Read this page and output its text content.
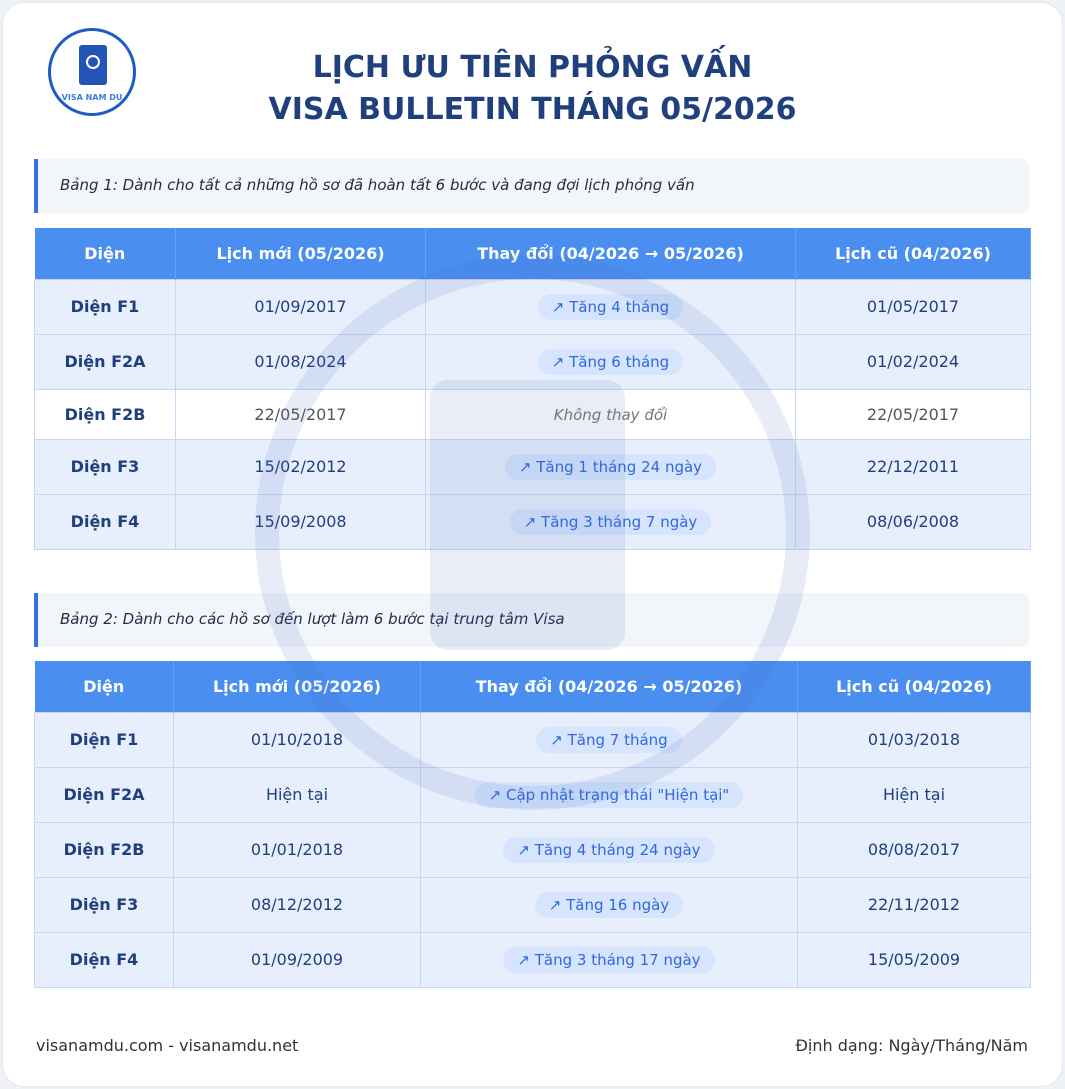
VISA NAM DU
LỊCH ƯU TIÊN PHỎNG VẤN
VISA BULLETIN THÁNG 05/2026
Bảng 1: Dành cho tất cả những hồ sơ đã hoàn tất 6 bước và đang đợi lịch phỏng vấn
Diện	Lịch mới (05/2026)	Thay đổi (04/2026 → 05/2026)	Lịch cũ (04/2026)
Diện F1	01/09/2017	↗ Tăng 4 tháng	01/05/2017
Diện F2A	01/08/2024	↗ Tăng 6 tháng	01/02/2024
Diện F2B	22/05/2017	Không thay đổi	22/05/2017
Diện F3	15/02/2012	↗ Tăng 1 tháng 24 ngày	22/12/2011
Diện F4	15/09/2008	↗ Tăng 3 tháng 7 ngày	08/06/2008
Bảng 2: Dành cho các hồ sơ đến lượt làm 6 bước tại trung tâm Visa
Diện	Lịch mới (05/2026)	Thay đổi (04/2026 → 05/2026)	Lịch cũ (04/2026)
Diện F1	01/10/2018	↗ Tăng 7 tháng	01/03/2018
Diện F2A	Hiện tại	↗ Cập nhật trạng thái "Hiện tại"	Hiện tại
Diện F2B	01/01/2018	↗ Tăng 4 tháng 24 ngày	08/08/2017
Diện F3	08/12/2012	↗ Tăng 16 ngày	22/11/2012
Diện F4	01/09/2009	↗ Tăng 3 tháng 17 ngày	15/05/2009
visanamdu.com - visanamdu.net	Định dạng: Ngày/Tháng/Năm
